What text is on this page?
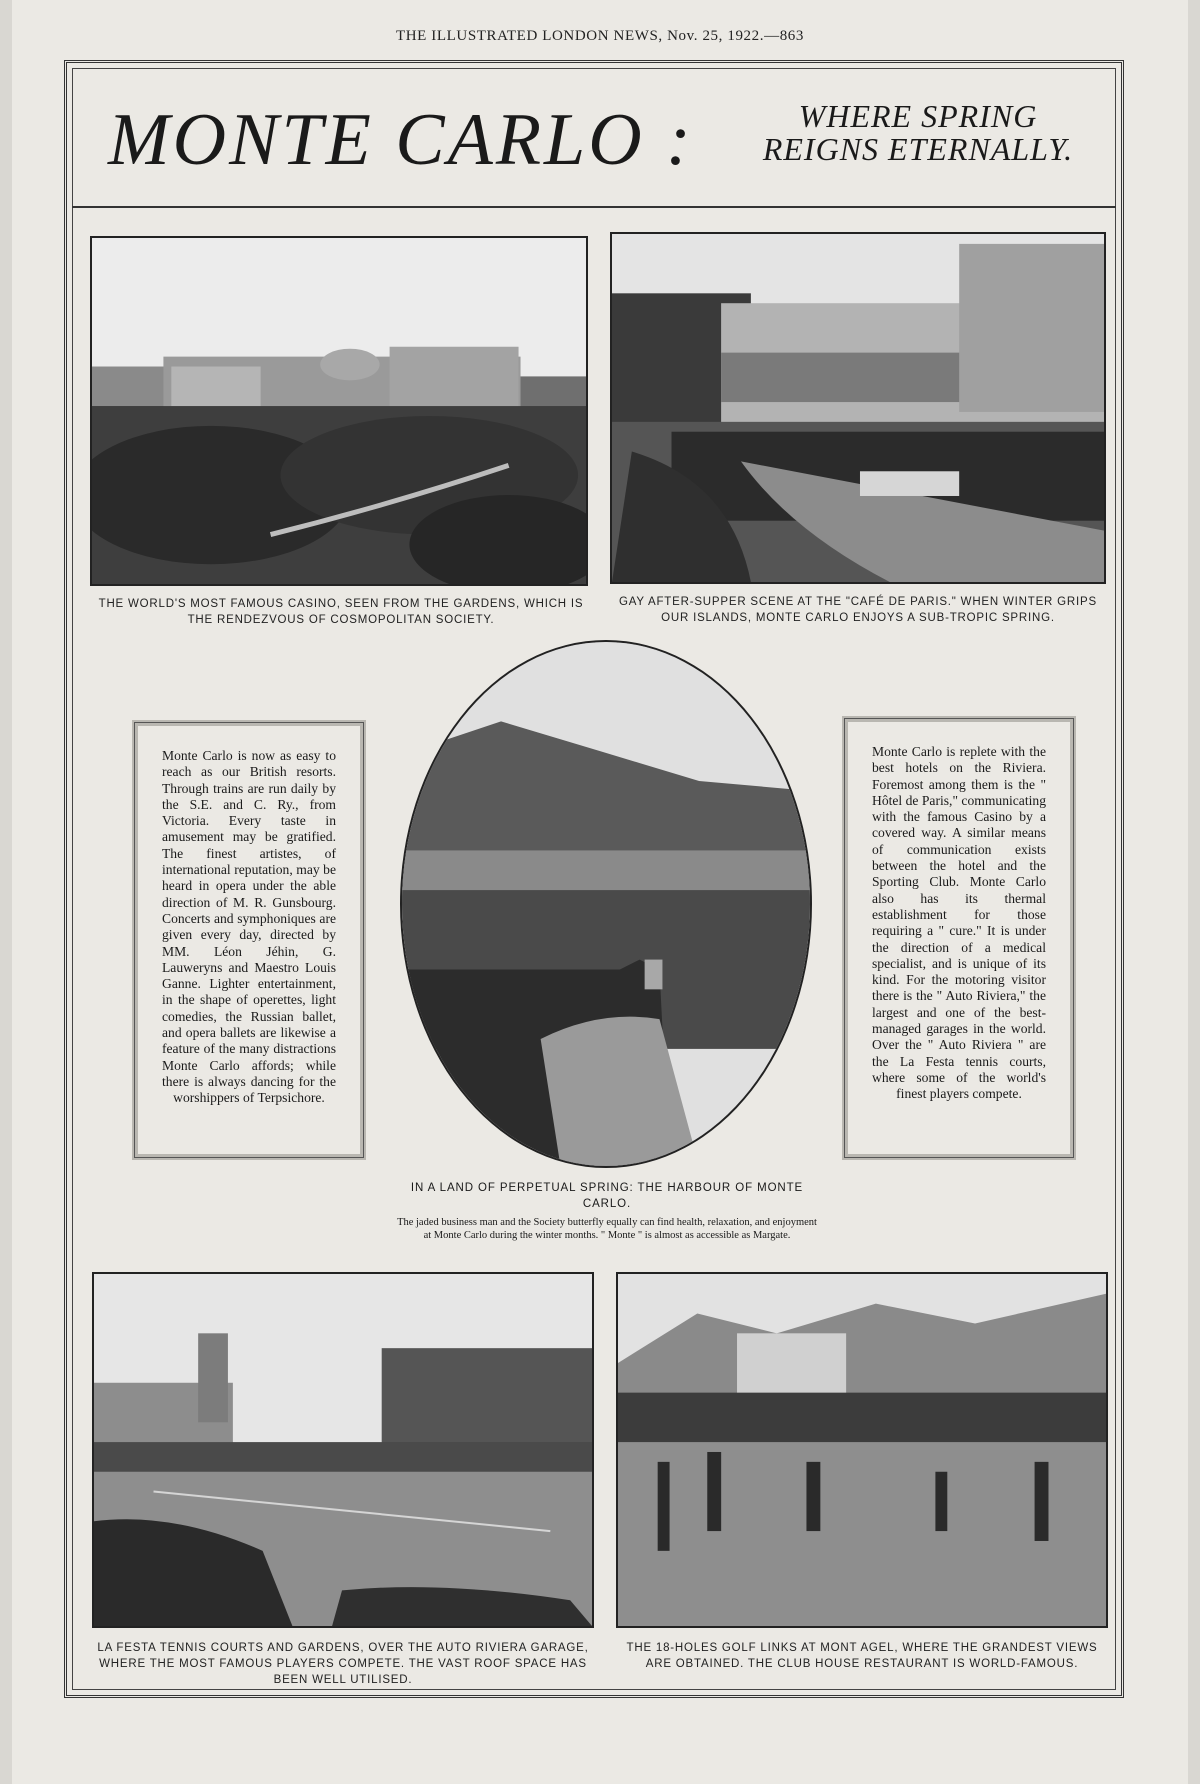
THE ILLUSTRATED LONDON NEWS, Nov. 25, 1922.—863
MONTE CARLO :	WHERE SPRING
REIGNS ETERNALLY.
THE WORLD'S MOST FAMOUS CASINO, SEEN FROM THE GARDENS, WHICH IS THE RENDEZVOUS OF COSMOPOLITAN SOCIETY.
GAY AFTER-SUPPER SCENE AT THE "CAFÉ DE PARIS." WHEN WINTER GRIPS OUR ISLANDS, MONTE CARLO ENJOYS A SUB-TROPIC SPRING.

Monte Carlo is now as easy to reach as our British resorts. Through trains are run daily by the S.E. and C. Ry., from Victoria. Every taste in amusement may be gratified. The finest artistes, of international reputation, may be heard in opera under the able direction of M. R. Gunsbourg. Concerts and symphoniques are given every day, directed by MM. Léon Jéhin, G. Lauweryns and Maestro Louis Ganne. Lighter entertainment, in the shape of operettes, light comedies, the Russian ballet, and opera ballets are likewise a feature of the many distractions Monte Carlo affords; while there is always dancing for the worshippers of Terpsichore.

Monte Carlo is replete with the best hotels on the Riviera. Foremost among them is the " Hôtel de Paris," communicating with the famous Casino by a covered way. A similar means of communication exists between the hotel and the Sporting Club. Monte Carlo also has its thermal establishment for those requiring a " cure." It is under the direction of a medical specialist, and is unique of its kind. For the motoring visitor there is the " Auto Riviera," the largest and one of the best-managed garages in the world. Over the " Auto Riviera " are the La Festa tennis courts, where some of the world's finest players compete.

IN A LAND OF PERPETUAL SPRING: THE HARBOUR OF MONTE CARLO.
The jaded business man and the Society butterfly equally can find health, relaxation, and enjoyment at Monte Carlo during the winter months. " Monte " is almost as accessible as Margate.
LA FESTA TENNIS COURTS AND GARDENS, OVER THE AUTO RIVIERA GARAGE, WHERE THE MOST FAMOUS PLAYERS COMPETE. THE VAST ROOF SPACE HAS BEEN WELL UTILISED.
THE 18-HOLES GOLF LINKS AT MONT AGEL, WHERE THE GRANDEST VIEWS ARE OBTAINED. THE CLUB HOUSE RESTAURANT IS WORLD-FAMOUS.
